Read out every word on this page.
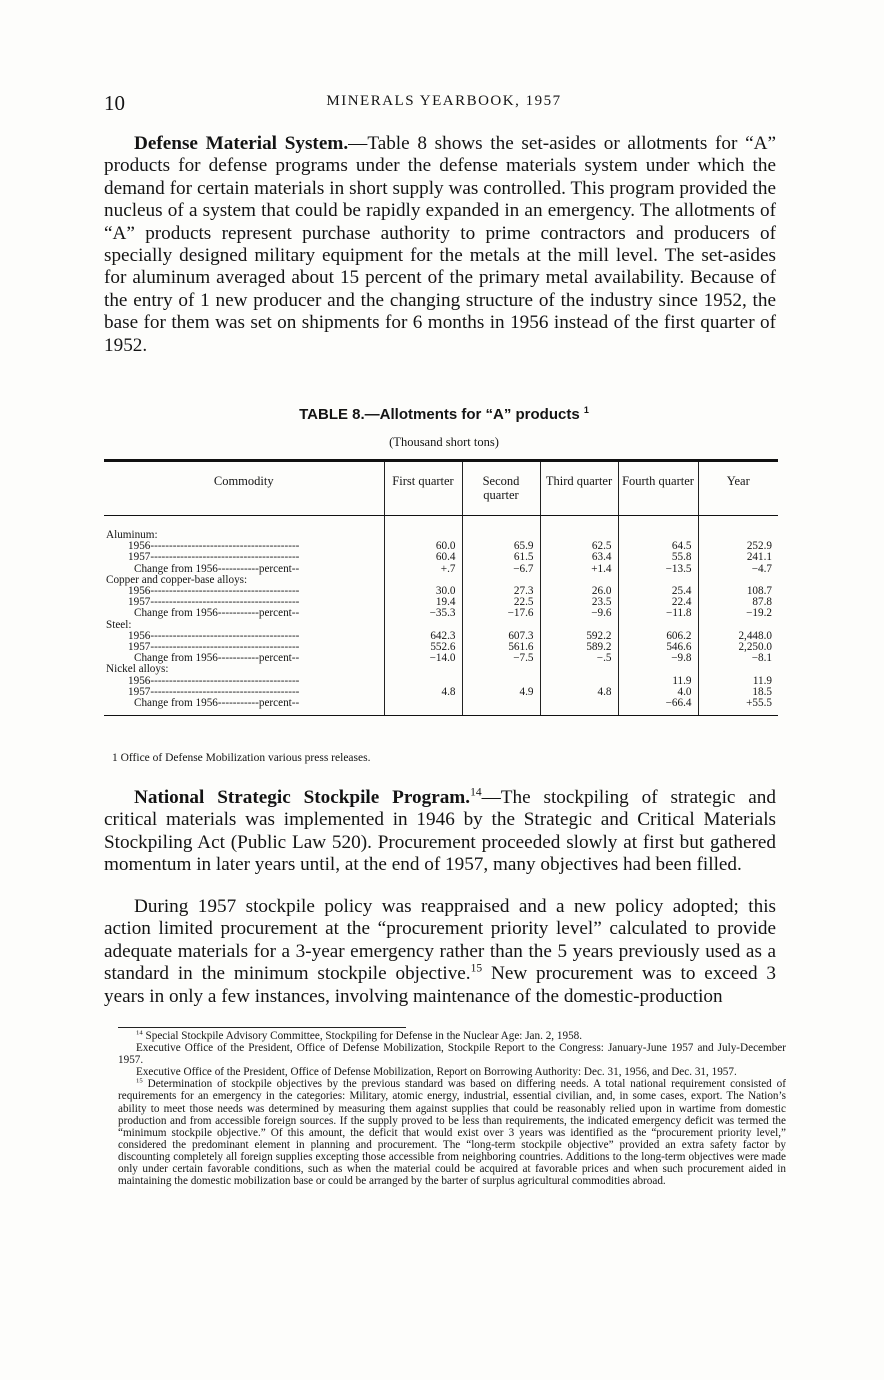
10	MINERALS YEARBOOK, 1957

Defense Material System.—Table 8 shows the set-asides or allotments for “A” products for defense programs under the defense materials system under which the demand for certain materials in short supply was controlled. This program provided the nucleus of a system that could be rapidly expanded in an emergency. The allotments of “A” products represent purchase authority to prime contractors and producers of specially designed military equipment for the metals at the mill level. The set-asides for aluminum averaged about 15 percent of the primary metal availability. Because of the entry of 1 new producer and the changing structure of the industry since 1952, the base for them was set on shipments for 6 months in 1956 instead of the first quarter of 1952.

TABLE 8.—Allotments for “A” products $^1$
(Thousand short tons)
Commodity	First quarter	Second quarter	Third quarter	Fourth quarter	Year

Aluminum:					
1956----------------------------------------	60.0	65.9	62.5	64.5	252.9
1957----------------------------------------	60.4	61.5	63.4	55.8	241.1
Change from 1956-----------percent--	+.7	−6.7	+1.4	−13.5	−4.7
Copper and copper-base alloys:					
1956----------------------------------------	30.0	27.3	26.0	25.4	108.7
1957----------------------------------------	19.4	22.5	23.5	22.4	87.8
Change from 1956-----------percent--	−35.3	−17.6	−9.6	−11.8	−19.2
Steel:					
1956----------------------------------------	642.3	607.3	592.2	606.2	2,448.0
1957----------------------------------------	552.6	561.6	589.2	546.6	2,250.0
Change from 1956-----------percent--	−14.0	−7.5	−.5	−9.8	−8.1
Nickel alloys:					
1956----------------------------------------				11.9	11.9
1957----------------------------------------	4.8	4.9	4.8	4.0	18.5
Change from 1956-----------percent--				−66.4	+55.5
1 Office of Defense Mobilization various press releases.

National Strategic Stockpile Program.$^{14}$—The stockpiling of strategic and critical materials was implemented in 1946 by the Strategic and Critical Materials Stockpiling Act (Public Law 520). Procurement proceeded slowly at first but gathered momentum in later years until, at the end of 1957, many objectives had been filled.

During 1957 stockpile policy was reappraised and a new policy adopted; this action limited procurement at the “procurement priority level” calculated to provide adequate materials for a 3-year emergency rather than the 5 years previously used as a standard in the minimum stockpile objective.$^{15}$ New procurement was to exceed 3 years in only a few instances, involving maintenance of the domestic-production

$^{14}$ Special Stockpile Advisory Committee, Stockpiling for Defense in the Nuclear Age: Jan. 2, 1958.

Executive Office of the President, Office of Defense Mobilization, Stockpile Report to the Congress: January-June 1957 and July-December 1957.

Executive Office of the President, Office of Defense Mobilization, Report on Borrowing Authority: Dec. 31, 1956, and Dec. 31, 1957.

$^{15}$ Determination of stockpile objectives by the previous standard was based on differing needs. A total national requirement consisted of requirements for an emergency in the categories: Military, atomic energy, industrial, essential civilian, and, in some cases, export. The Nation’s ability to meet those needs was determined by measuring them against supplies that could be reasonably relied upon in wartime from domestic production and from accessible foreign sources. If the supply proved to be less than requirements, the indicated emergency deficit was termed the “minimum stockpile objective.” Of this amount, the deficit that would exist over 3 years was identified as the “procurement priority level,” considered the predominant element in planning and procurement. The “long-term stockpile objective” provided an extra safety factor by discounting completely all foreign supplies excepting those accessible from neighboring countries. Additions to the long-term objectives were made only under certain favorable conditions, such as when the material could be acquired at favorable prices and when such procurement aided in maintaining the domestic mobilization base or could be arranged by the barter of surplus agricultural commodities abroad.
